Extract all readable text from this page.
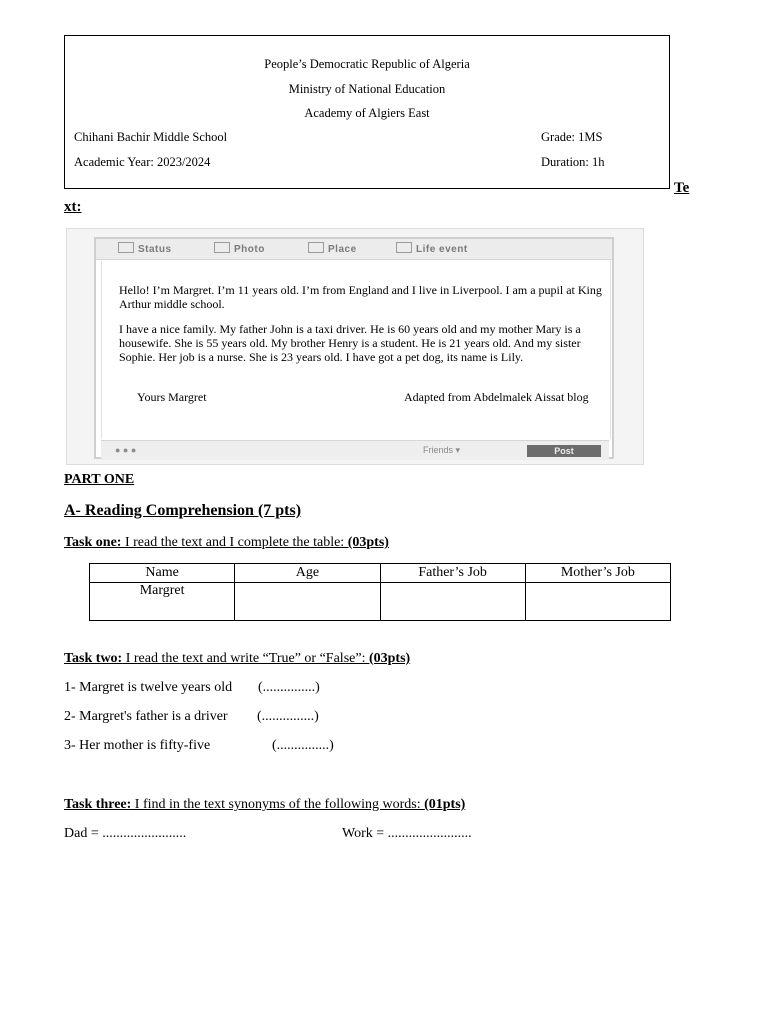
People’s Democratic Republic of Algeria
Ministry of National Education
Academy of Algiers East
Chihani Bachir Middle School	Grade: 1MS
Academic Year: 2023/2024	Duration: 1h
Te
xt:
Status	Photo	Place	Life event
Hello! I’m Margret. I’m 11 years old. I’m from England and I live in Liverpool. I am a pupil at King Arthur middle school.
I have a nice family. My father John is a taxi driver. He is 60 years old and my mother Mary is a housewife. She is 55 years old. My brother Henry is a student. He is 21 years old. And my sister Sophie. Her job is a nurse. She is 23 years old. I have got a pet dog, its name is Lily.
Yours Margret	Adapted from Abdelmalek Aissat blog
● ● ●	Friends ▾	Post
PART ONE
A- Reading Comprehension (7 pts)
Task one: I read the text and I complete the table: (03pts)
Name	Age	Father’s Job	Mother’s Job
Margret			
Task two: I read the text and write “True” or “False”: (03pts)
1- Margret is twelve years old (...............)
2- Margret's father is a driver (...............)
3- Her mother is fifty-five	(...............)
Task three: I find in the text synonyms of the following words: (01pts)
Dad = ........................	Work = ........................
